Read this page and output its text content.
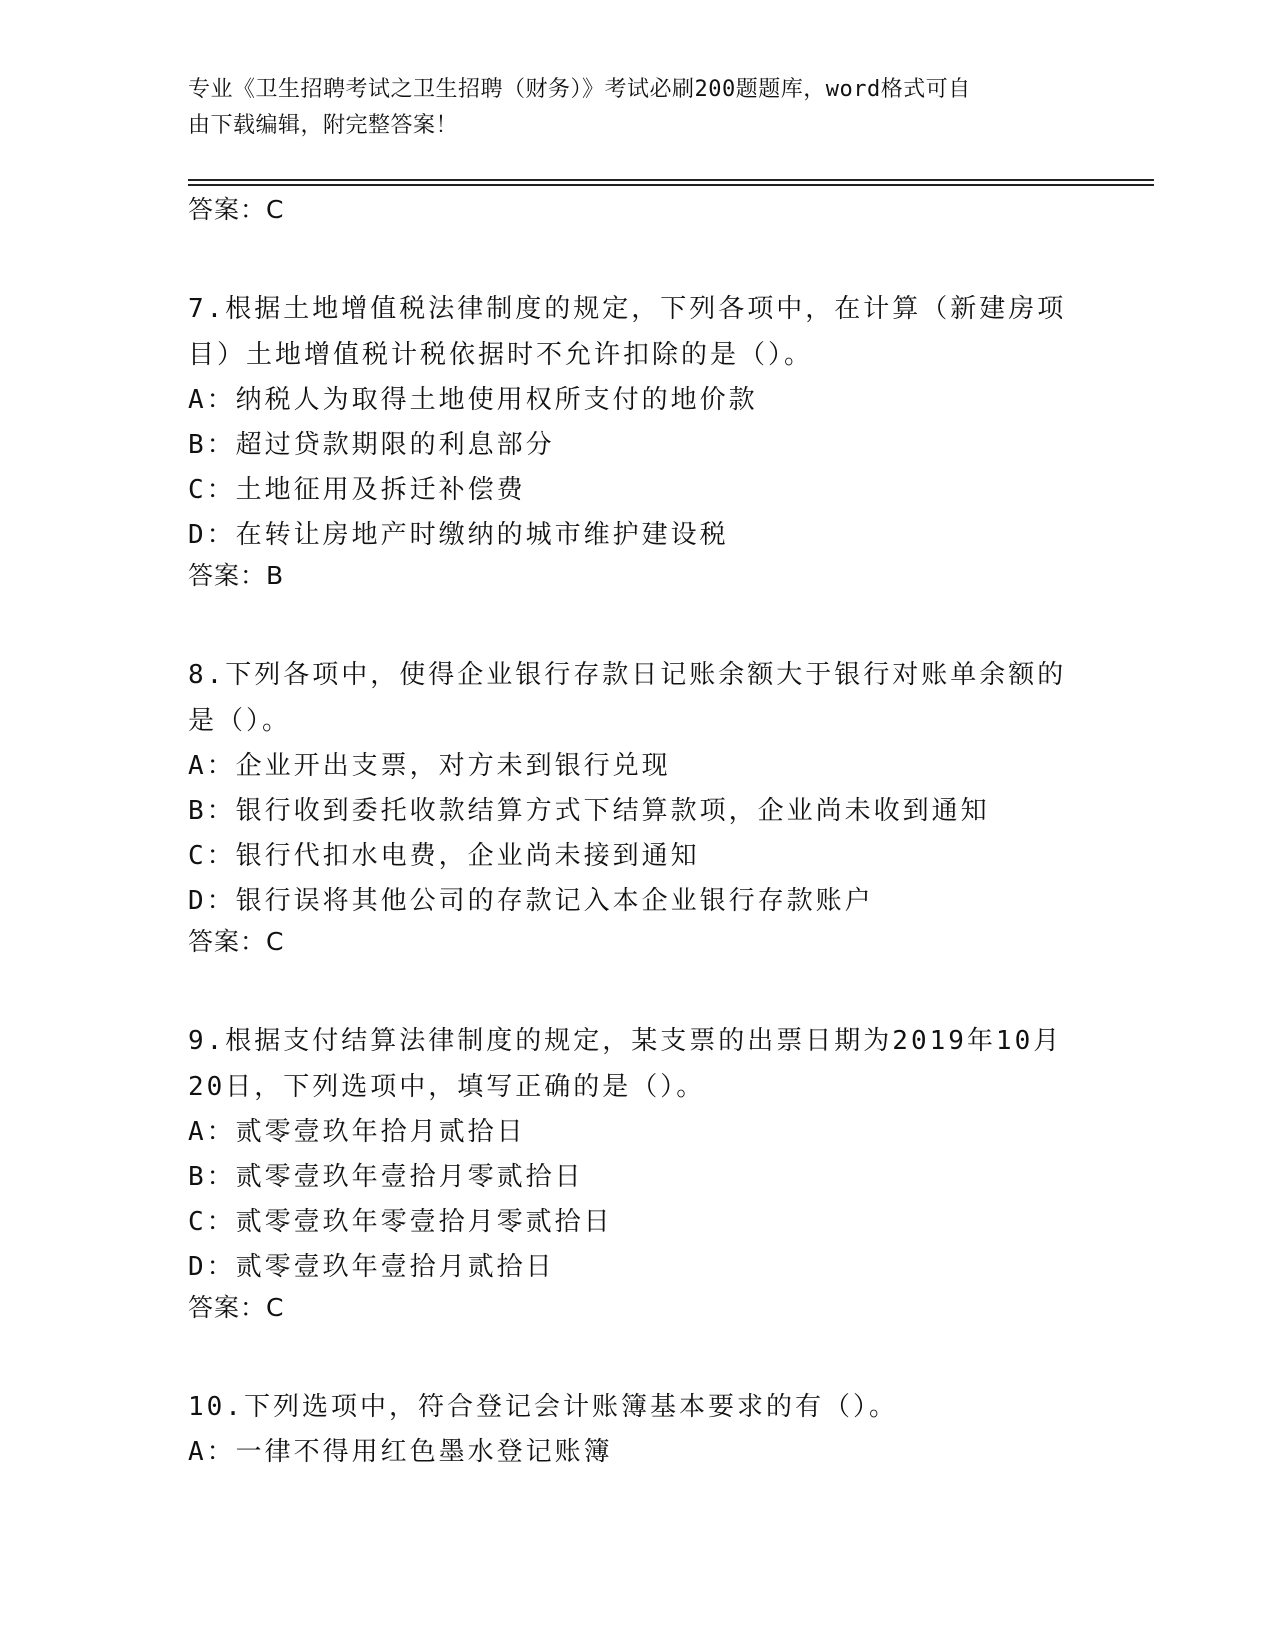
专业《卫生招聘考试之卫生招聘（财务）》考试必刷200题题库，word格式可自
由下载编辑，附完整答案！

答案：C

7.根据土地增值税法律制度的规定，下列各项中，在计算（新建房项

目）土地增值税计税依据时不允许扣除的是（）。

A：纳税人为取得土地使用权所支付的地价款

B：超过贷款期限的利息部分

C：土地征用及拆迁补偿费

D：在转让房地产时缴纳的城市维护建设税

答案：B

8.下列各项中，使得企业银行存款日记账余额大于银行对账单余额的

是（）。

A：企业开出支票，对方未到银行兑现

B：银行收到委托收款结算方式下结算款项，企业尚未收到通知

C：银行代扣水电费，企业尚未接到通知

D：银行误将其他公司的存款记入本企业银行存款账户

答案：C

9.根据支付结算法律制度的规定，某支票的出票日期为2019年10月

20日，下列选项中，填写正确的是（）。

A：贰零壹玖年拾月贰拾日

B：贰零壹玖年壹拾月零贰拾日

C：贰零壹玖年零壹拾月零贰拾日

D：贰零壹玖年壹拾月贰拾日

答案：C

10.下列选项中，符合登记会计账簿基本要求的有（）。

A：一律不得用红色墨水登记账簿
